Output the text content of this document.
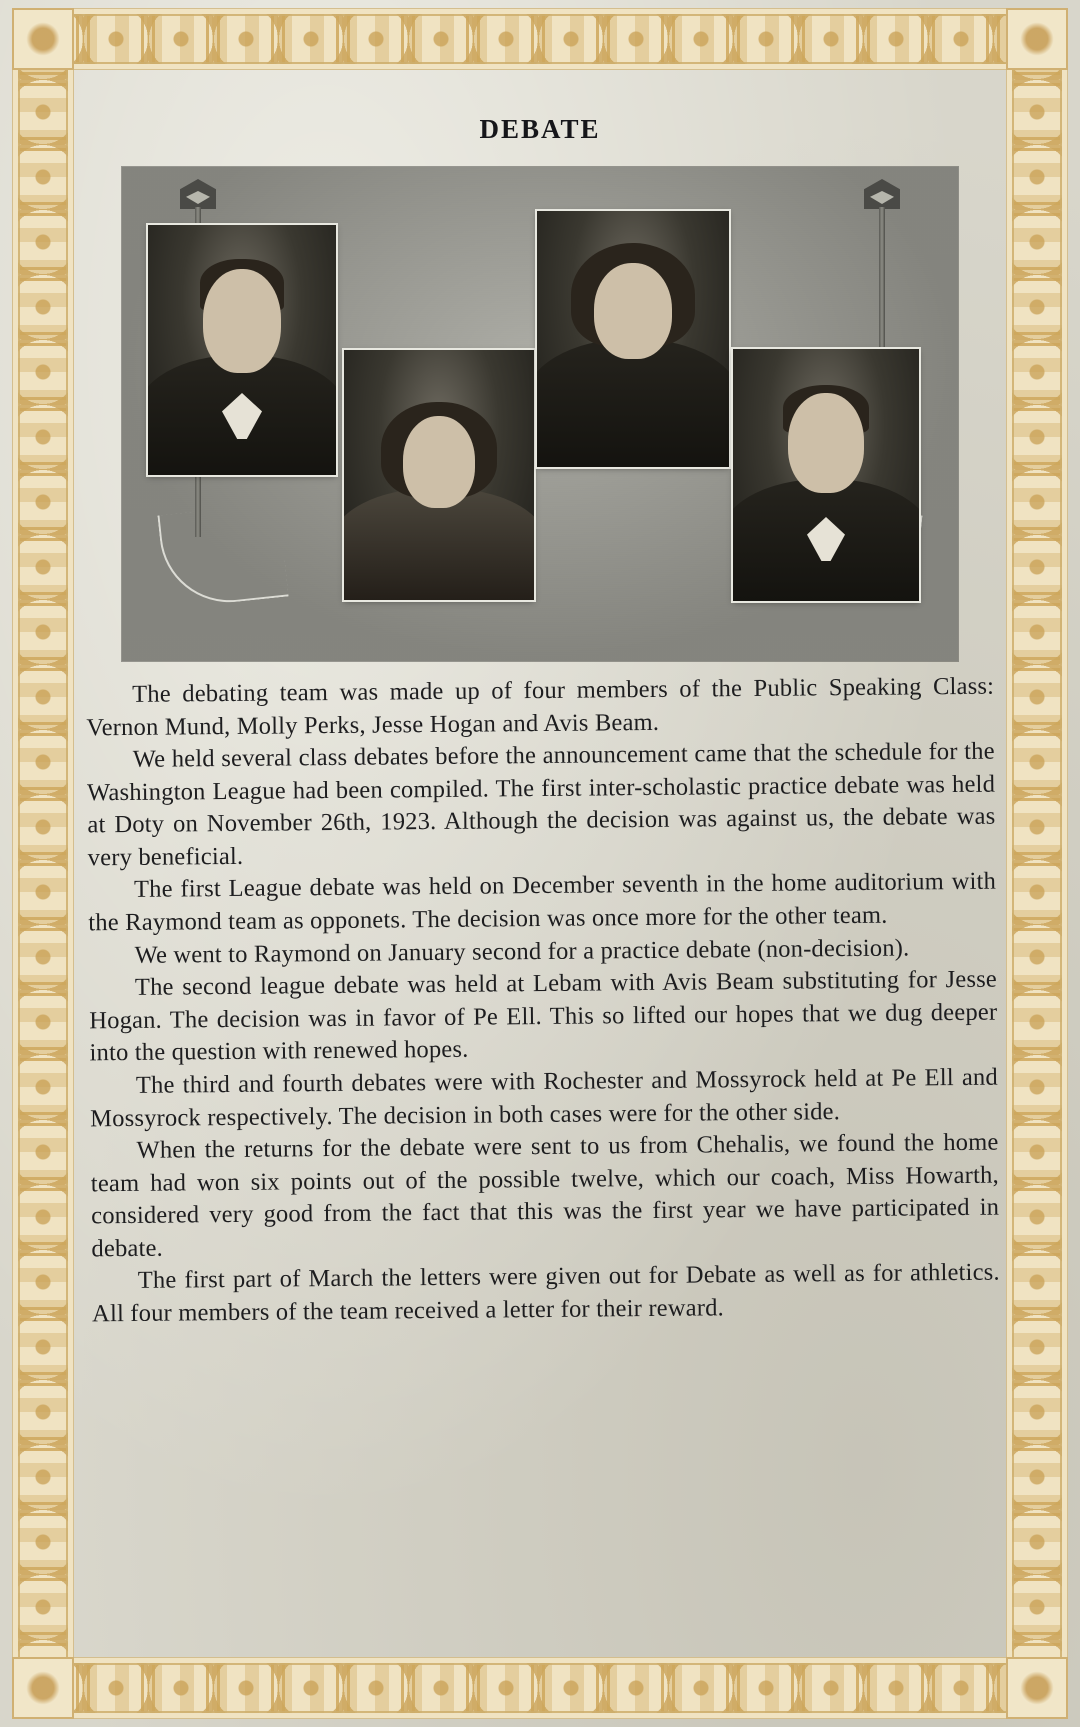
DEBATE

The debating team was made up of four members of the Public Speaking Class: Vernon Mund, Molly Perks, Jesse Hogan and Avis Beam.

We held several class debates before the announcement came that the schedule for the Washington League had been compiled. The first inter-scholastic practice debate was held at Doty on November 26th, 1923. Although the decision was against us, the debate was very beneficial.

The first League debate was held on December seventh in the home auditorium with the Raymond team as opponets. The decision was once more for the other team.

We went to Raymond on January second for a practice debate (non-decision).

The second league debate was held at Lebam with Avis Beam substituting for Jesse Hogan. The decision was in favor of Pe Ell. This so lifted our hopes that we dug deeper into the question with renewed hopes.

The third and fourth debates were with Rochester and Mossyrock held at Pe Ell and Mossyrock respectively. The decision in both cases were for the other side.

When the returns for the debate were sent to us from Chehalis, we found the home team had won six points out of the possible twelve, which our coach, Miss Howarth, considered very good from the fact that this was the first year we have participated in debate.

The first part of March the letters were given out for Debate as well as for athletics. All four members of the team received a letter for their reward.
